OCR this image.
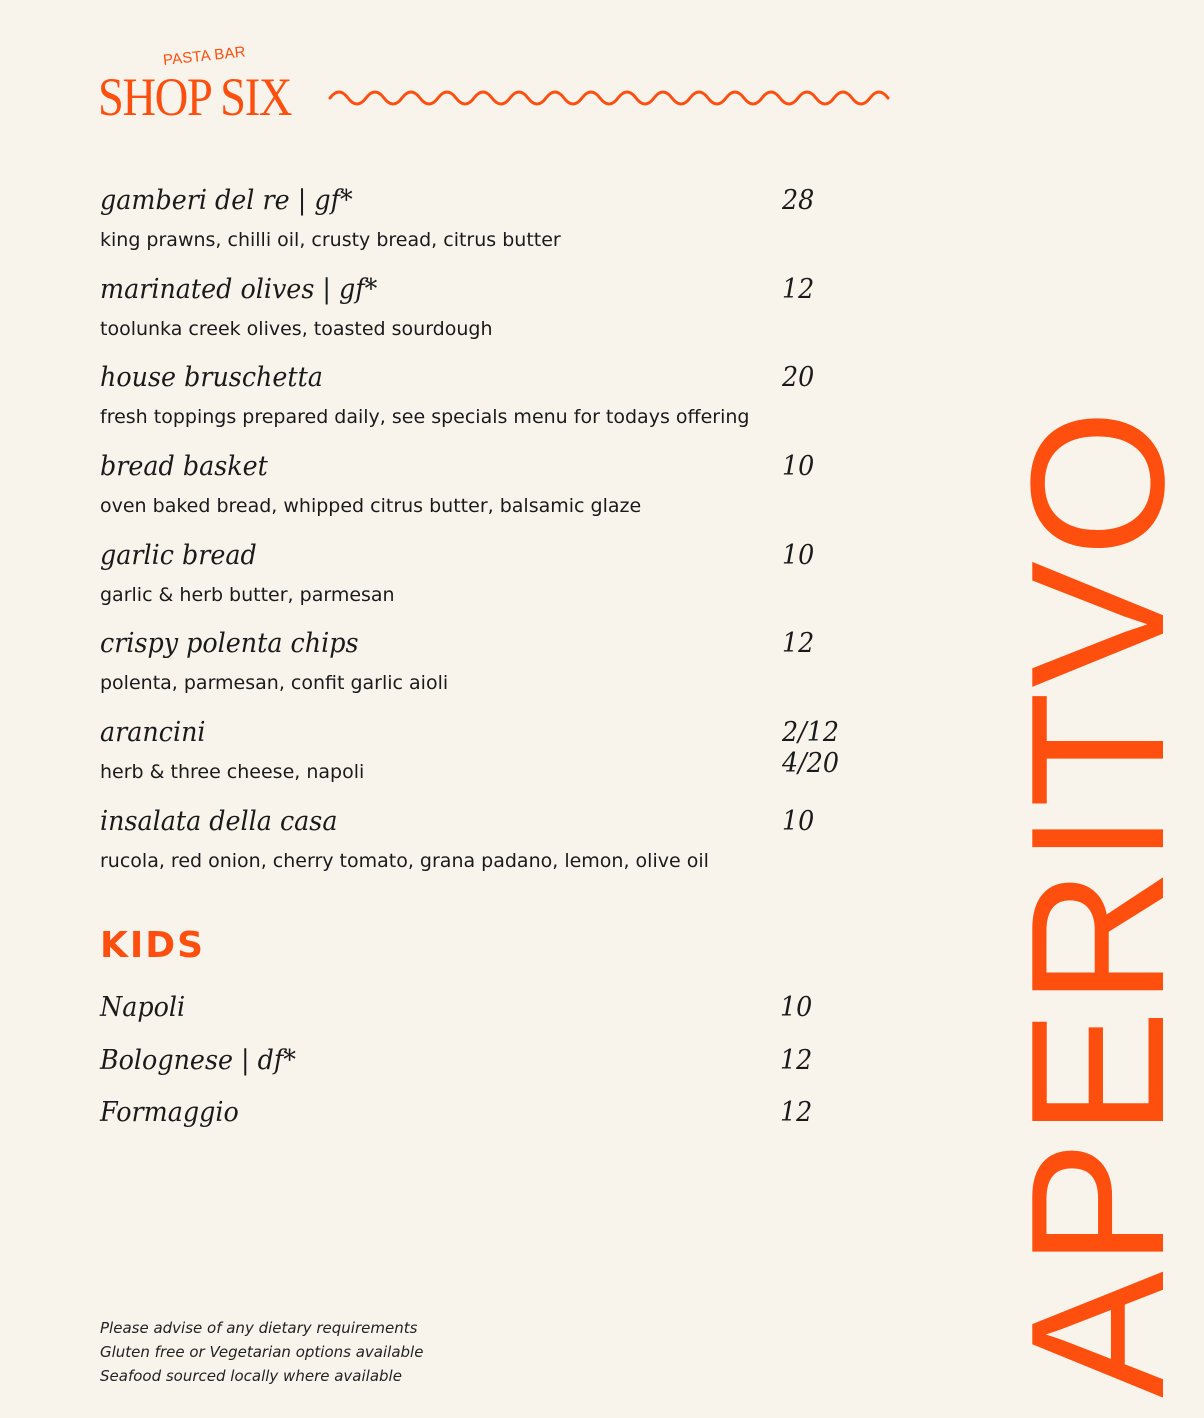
PASTA BAR
SHOP SIX
gamberi del re | gf*
king prawns, chilli oil, crusty bread, citrus butter
28
marinated olives | gf*
toolunka creek olives, toasted sourdough
12
house bruschetta
fresh toppings prepared daily, see specials menu for todays offering
20
bread basket
oven baked bread, whipped citrus butter, balsamic glaze
10
garlic bread
garlic & herb butter, parmesan
10
crispy polenta chips
polenta, parmesan, confit garlic aioli
12
arancini
herb & three cheese, napoli
2/12
4/20
insalata della casa
rucola, red onion, cherry tomato, grana padano, lemon, olive oil
10
KIDS
Napoli	10
Bolognese | df*	12
Formaggio	12
Please advise of any dietary requirements
Gluten free or Vegetarian options available
Seafood sourced locally where available	APERITVO
